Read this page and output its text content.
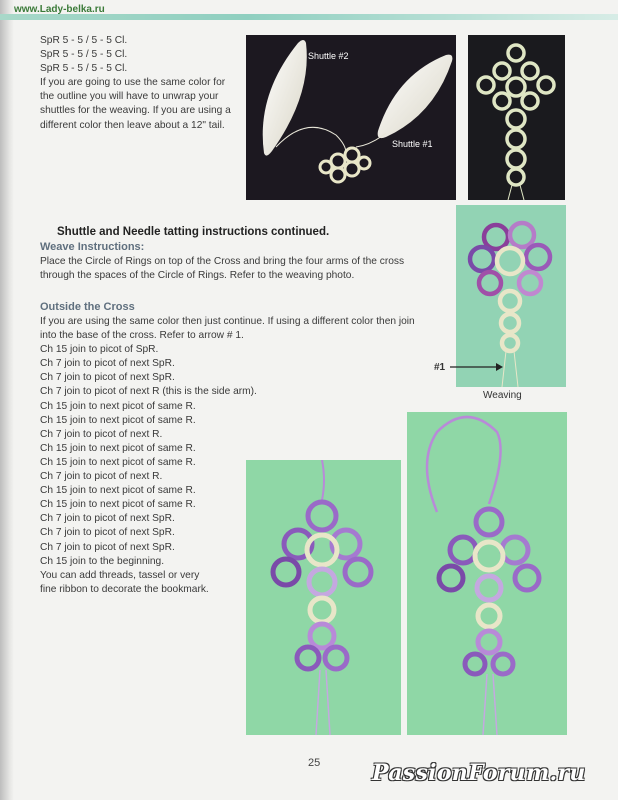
www.Lady-belka.ru
SpR 5 - 5 / 5 - 5 Cl.
SpR 5 - 5 / 5 - 5 Cl.
SpR 5 - 5 / 5 - 5 Cl.
If you are going to use the same color for
the outline you will have to unwrap your
shuttles for the weaving. If you are using a
different color then leave about a 12" tail.
Shuttle #2
Shuttle #1
Shuttle and Needle tatting instructions continued.
Weave Instructions:
Place the Circle of Rings on top of the Cross and bring the four arms of the cross
through the spaces of the Circle of Rings. Refer to the weaving photo.
Outside the Cross
If you are using the same color then just continue. If using a different color then join
into the base of the cross. Refer to arrow # 1.
Ch 15 join to picot of SpR.
Ch 7 join to picot of next SpR.
Ch 7 join to picot of next SpR.
Ch 7 join to picot of next R (this is the side arm).
Ch 15 join to next picot of same R.
Ch 15 join to next picot of same R.
Ch 7 join to picot of next R.
Ch 15 join to next picot of same R.
Ch 15 join to next picot of same R.
Ch 7 join to picot of next R.
Ch 15 join to next picot of same R.
Ch 15 join to next picot of same R.
Ch 7 join to picot of next SpR.
Ch 7 join to picot of next SpR.
Ch 7 join to picot of next SpR.
Ch 15 join to the beginning.
You can add threads, tassel or very
fine ribbon to decorate the bookmark.
Weaving
#1
25 PassionForum.ru
